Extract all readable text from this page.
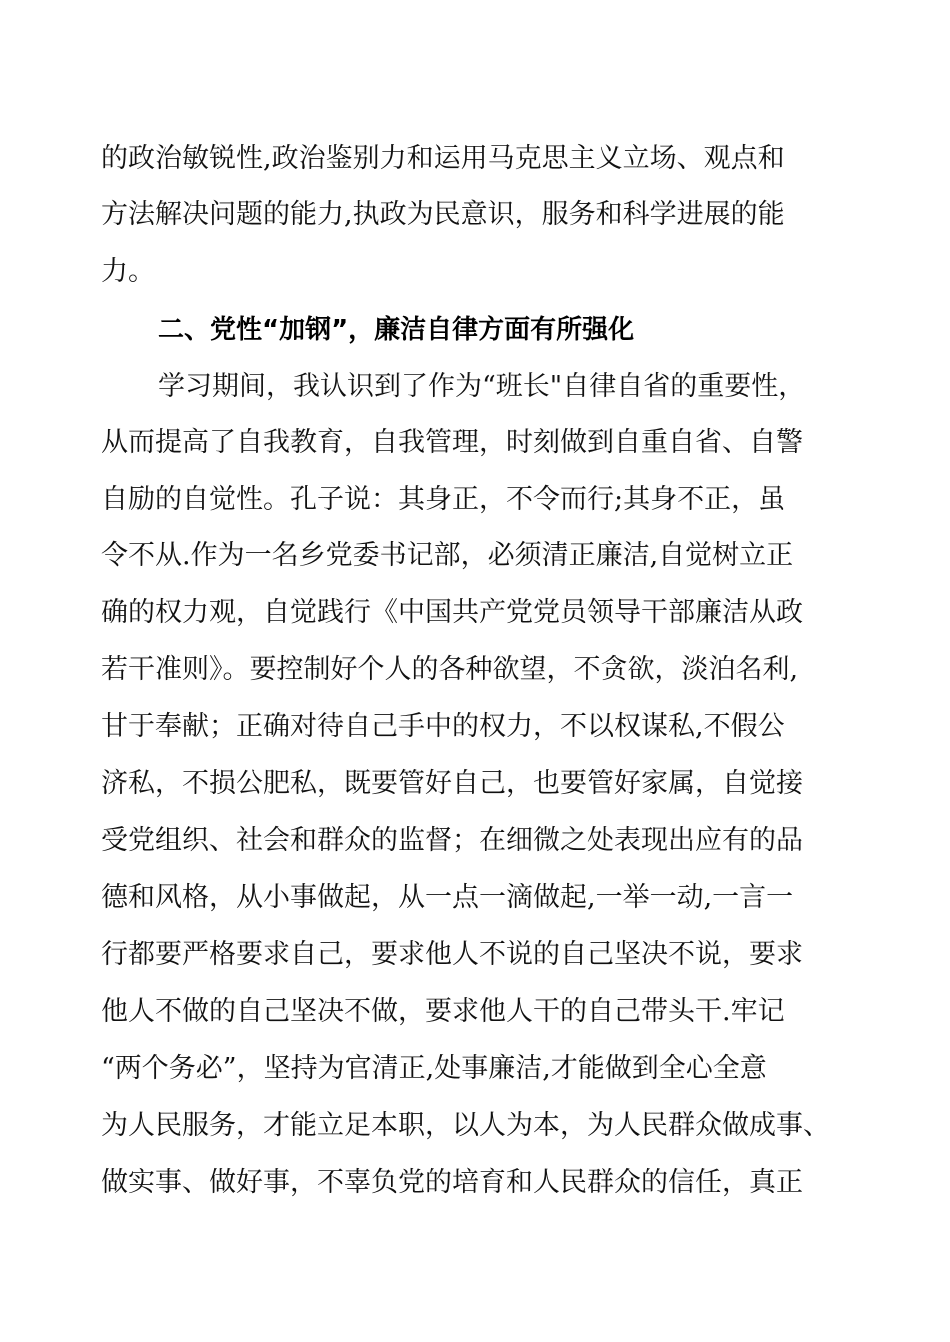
的政治敏锐性,政治鉴别力和运用马克思主义立场、观点和
方法解决问题的能力,执政为民意识，服务和科学进展的能
力。
二、党性“加钢”，廉洁自律方面有所强化
学习期间，我认识到了作为“班长"自律自省的重要性，
从而提高了自我教育，自我管理，时刻做到自重自省、自警
自励的自觉性。孔子说：其身正，不令而行;其身不正，虽
令不从.作为一名乡党委书记部，必须清正廉洁,自觉树立正
确的权力观，自觉践行《中国共产党党员领导干部廉洁从政
若干准则》。要控制好个人的各种欲望，不贪欲，淡泊名利,
甘于奉献；正确对待自己手中的权力，不以权谋私,不假公
济私，不损公肥私，既要管好自己，也要管好家属，自觉接
受党组织、社会和群众的监督；在细微之处表现出应有的品
德和风格，从小事做起，从一点一滴做起,一举一动,一言一
行都要严格要求自己，要求他人不说的自己坚决不说，要求
他人不做的自己坚决不做，要求他人干的自己带头干.牢记
“两个务必”，坚持为官清正,处事廉洁,才能做到全心全意
为人民服务，才能立足本职，以人为本，为人民群众做成事、
做实事、做好事，不辜负党的培育和人民群众的信任，真正
